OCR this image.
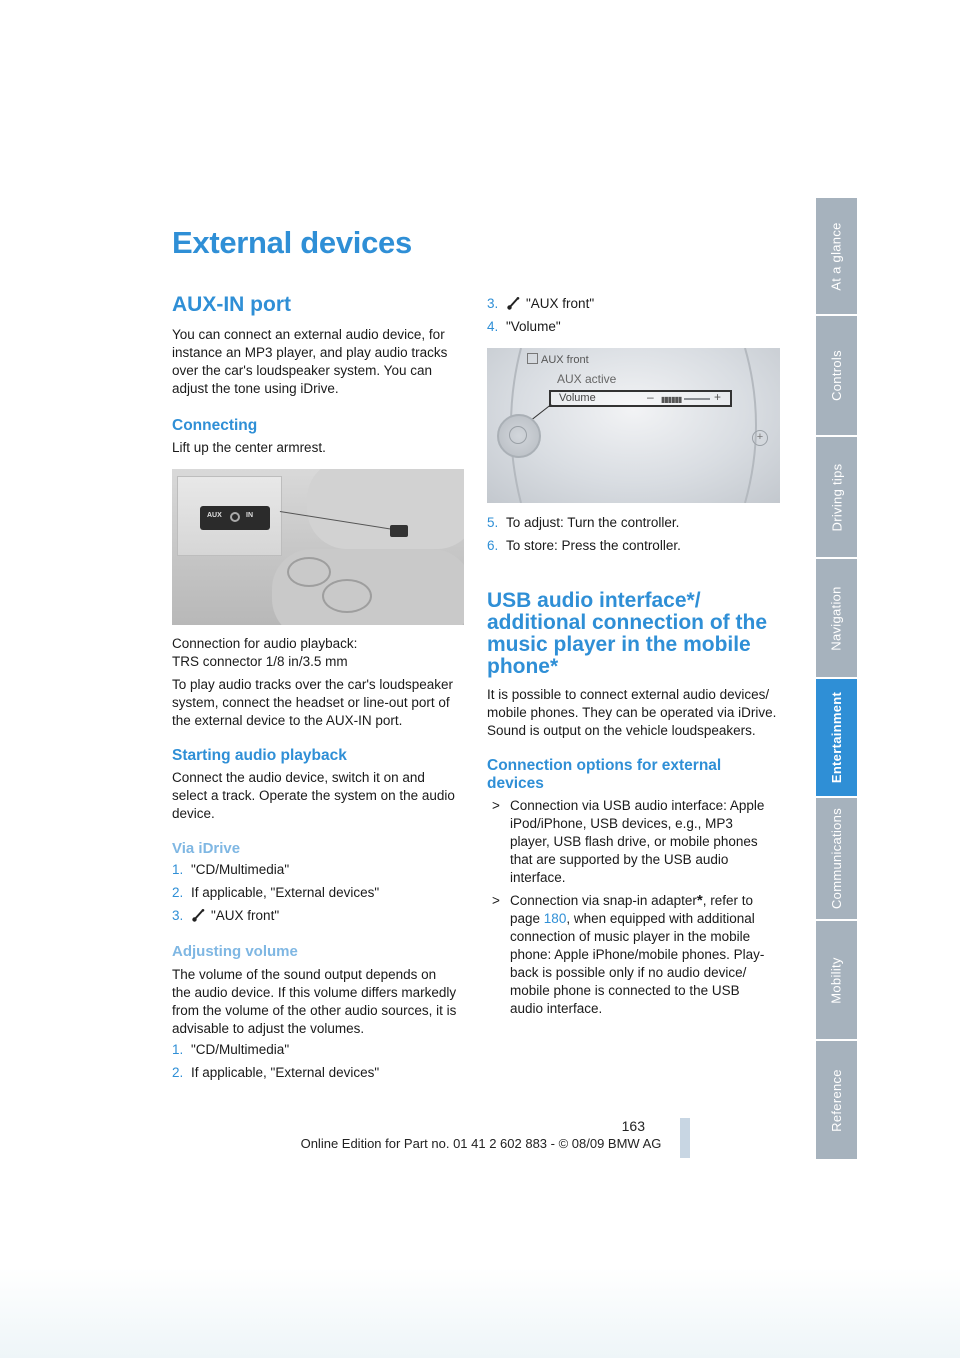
External devices
AUX-IN port

You can connect an external audio device, for

instance an MP3 player, and play audio tracks

over the car's loudspeaker system. You can

adjust the tone using iDrive.

Connecting

Lift up the center armrest.

Connection for audio playback:

TRS connector 1/8 in/3.5 mm

To play audio tracks over the car's loudspeaker

system, connect the headset or line-out port of

the external device to the AUX-IN port.

Starting audio playback

Connect the audio device, switch it on and

select a track. Operate the system on the audio

device.

Via iDrive
1. "CD/Multimedia"
2. If applicable, "External devices"
3. "AUX front"
Adjusting volume

The volume of the sound output depends on

the audio device. If this volume differs markedly

from the volume of the other audio sources, it is

advisable to adjust the volumes.

1. "CD/Multimedia"
2. If applicable, "External devices"
AUX	IN
3. "AUX front"
4. "Volume"
5. To adjust: Turn the controller.
6. To store: Press the controller.
USB audio interface*/
additional connection of the
music player in the mobile
phone*

It is possible to connect external audio devices/

mobile phones. They can be operated via iDrive.

Sound is output on the vehicle loudspeakers.

Connection options for external
devices
> Connection via USB audio interface: Apple
iPod/iPhone, USB devices, e.g., MP3
player, USB flash drive, or mobile phones
that are supported by the USB audio
interface.
> Connection via snap-in adapter*, refer to
page 180, when equipped with additional
connection of music player in the mobile
phone: Apple iPhone/mobile phones. Play-
back is possible only if no audio device/
mobile phone is connected to the USB
audio interface.
AUX front
AUX active
Volume	– ▮▮▮▮▮▮	+
+
At a glance
Controls
Driving tips
Navigation
Entertainment
Communications
Mobility
Reference
163
Online Edition for Part no. 01 41 2 602 883 - © 08/09 BMW AG
